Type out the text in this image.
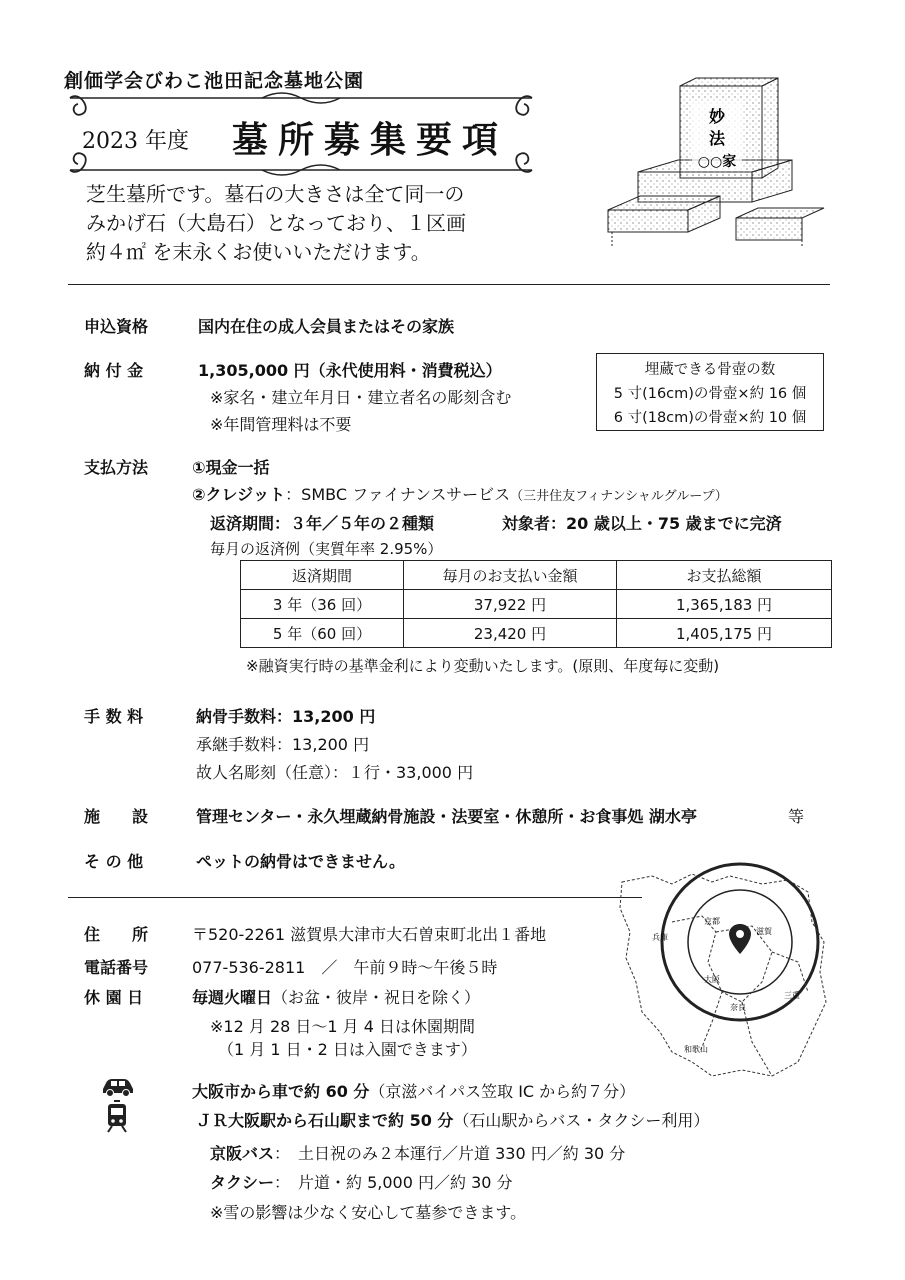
創価学会びわこ池田記念墓地公園
2023 年度 墓所募集要項
妙
法
○○家
芝生墓所です。墓石の大きさは全て同一の
みかげ石（大島石）となっており、１区画
約４㎡ を末永くお使いいただけます。
申込資格	国内在住の成人会員またはその家族
納 付 金	1,305,000 円（永代使用料・消費税込）
※家名・建立年月日・建立者名の彫刻含む
※年間管理料は不要
埋蔵できる骨壺の数
5 寸(16cm)の骨壺×約 16 個
6 寸(18cm)の骨壺×約 10 個
支払方法	①現金一括
②クレジット：SMBC ファイナンスサービス（三井住友フィナンシャルグループ）
返済期間：３年／５年の２種類	対象者：20 歳以上・75 歳までに完済
毎月の返済例（実質年率 2.95%）
返済期間	毎月のお支払い金額	お支払総額
3 年（36 回）	37,922 円	1,365,183 円
5 年（60 回）	23,420 円	1,405,175 円
※融資実行時の基準金利により変動いたします。(原則、年度毎に変動)
手 数 料	納骨手数料：13,200 円
承継手数料：13,200 円
故人名彫刻（任意）：１行・33,000 円
施　　設	管理センター・永久埋蔵納骨施設・法要室・休憩所・お食事処 湖水亭	等
そ の 他	ペットの納骨はできません。
住　　所	〒520-2261 滋賀県大津市大石曽束町北出１番地
電話番号	077-536-2811　／　午前９時～午後５時
休 園 日	毎週火曜日（お盆・彼岸・祝日を除く）
※12 月 28 日～1 月 4 日は休園期間
（1 月 1 日・2 日は入園できます）
京都
滋賀
兵庫
大阪
奈良
三重
和歌山
大阪市から車で約 60 分（京滋バイパス笠取 IC から約７分）
ＪＲ大阪駅から石山駅まで約 50 分（石山駅からバス・タクシー利用）
京阪バス：　土日祝のみ２本運行／片道 330 円／約 30 分
タクシー：　片道・約 5,000 円／約 30 分
※雪の影響は少なく安心して墓参できます。
